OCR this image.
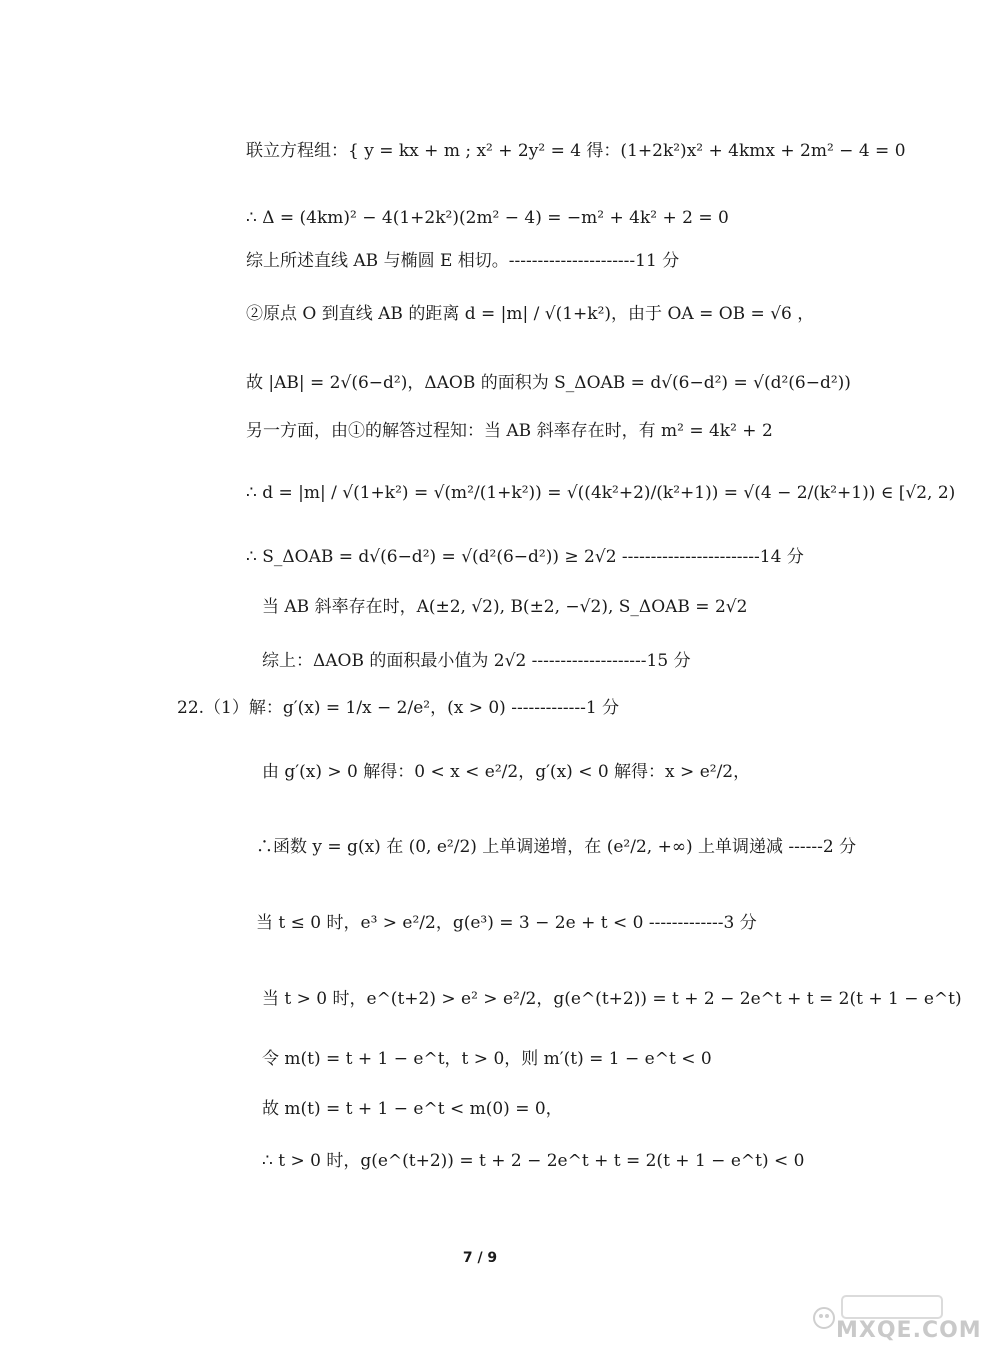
联立方程组：{ y = kx + m ; x² + 2y² = 4 得：(1+2k²)x² + 4kmx + 2m² − 4 = 0
∴ Δ = (4km)² − 4(1+2k²)(2m² − 4) = −m² + 4k² + 2 = 0
综上所述直线 AB 与椭圆 E 相切。----------------------11 分
②原点 O 到直线 AB 的距离 d = |m| / √(1+k²)，由于 OA = OB = √6 ，
故 |AB| = 2√(6−d²)，ΔAOB 的面积为 S_ΔOAB = d√(6−d²) = √(d²(6−d²))
另一方面，由①的解答过程知：当 AB 斜率存在时，有 m² = 4k² + 2
∴ d = |m| / √(1+k²) = √(m²/(1+k²)) = √((4k²+2)/(k²+1)) = √(4 − 2/(k²+1)) ∈ [√2, 2)
∴ S_ΔOAB = d√(6−d²) = √(d²(6−d²)) ≥ 2√2 ------------------------14 分
当 AB 斜率存在时，A(±2, √2), B(±2, −√2), S_ΔOAB = 2√2
综上：ΔAOB 的面积最小值为 2√2 --------------------15 分
22.（1）解：g′(x) = 1/x − 2/e²，(x > 0) -------------1 分
由 g′(x) > 0 解得：0 < x < e²/2，g′(x) < 0 解得：x > e²/2，
∴函数 y = g(x) 在 (0, e²/2) 上单调递增，在 (e²/2, +∞) 上单调递减 ------2 分
当 t ≤ 0 时，e³ > e²/2，g(e³) = 3 − 2e + t < 0 -------------3 分
当 t > 0 时，e^(t+2) > e² > e²/2，g(e^(t+2)) = t + 2 − 2e^t + t = 2(t + 1 − e^t)
令 m(t) = t + 1 − e^t，t > 0，则 m′(t) = 1 − e^t < 0
故 m(t) = t + 1 − e^t < m(0) = 0，
∴ t > 0 时，g(e^(t+2)) = t + 2 − 2e^t + t = 2(t + 1 − e^t) < 0
7 / 9
MXQE.COM
